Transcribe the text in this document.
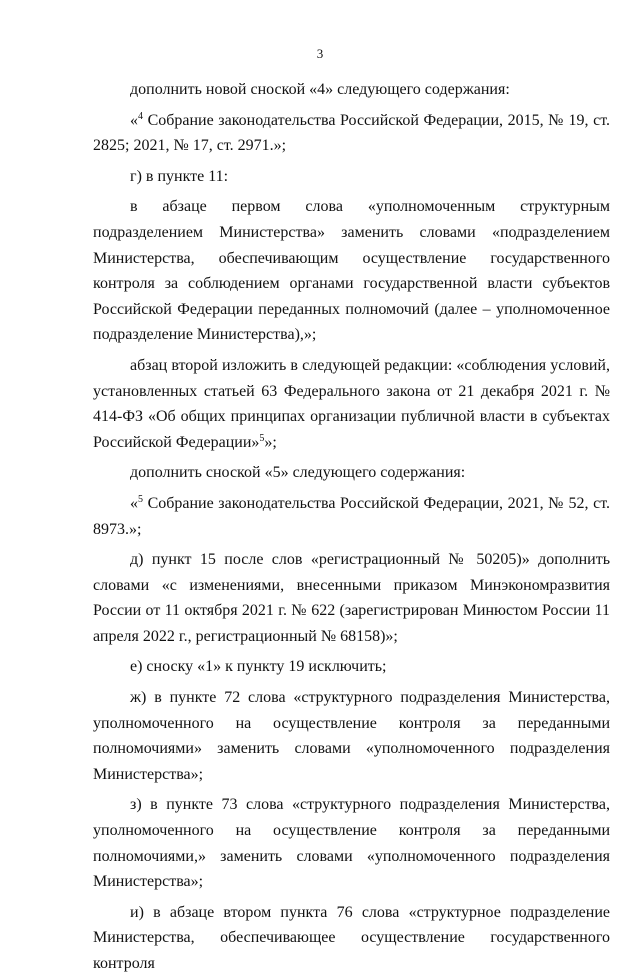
3

дополнить новой сноской «4» следующего содержания:

«$^4$ Собрание законодательства Российской Федерации, 2015, № 19, ст. 2825; 2021, № 17, ст. 2971.»;

г) в пункте 11:

в абзаце первом слова «уполномоченным структурным подразделением Министерства» заменить словами «подразделением Министерства, обеспечивающим осуществление государственного контроля за соблюдением органами государственной власти субъектов Российской Федерации переданных полномочий (далее – уполномоченное подразделение Министерства),»;

абзац второй изложить в следующей редакции: «соблюдения условий, установленных статьей 63 Федерального закона от 21 декабря 2021 г. № 414-ФЗ «Об общих принципах организации публичной власти в субъектах Российской Федерации»$^5$»;

дополнить сноской «5» следующего содержания:

«$^5$ Собрание законодательства Российской Федерации, 2021, № 52, ст. 8973.»;

д) пункт 15 после слов «регистрационный № 50205)» дополнить словами «с изменениями, внесенными приказом Минэкономразвития России от 11 октября 2021 г. № 622 (зарегистрирован Минюстом России 11 апреля 2022 г., регистрационный № 68158)»;

е) сноску «1» к пункту 19 исключить;

ж) в пункте 72 слова «структурного подразделения Министерства, уполномоченного на осуществление контроля за переданными полномочиями» заменить словами «уполномоченного подразделения Министерства»;

з) в пункте 73 слова «структурного подразделения Министерства, уполномоченного на осуществление контроля за переданными полномочиями,» заменить словами «уполномоченного подразделения Министерства»;

и) в абзаце втором пункта 76 слова «структурное подразделение Министерства, обеспечивающее осуществление государственного контроля
